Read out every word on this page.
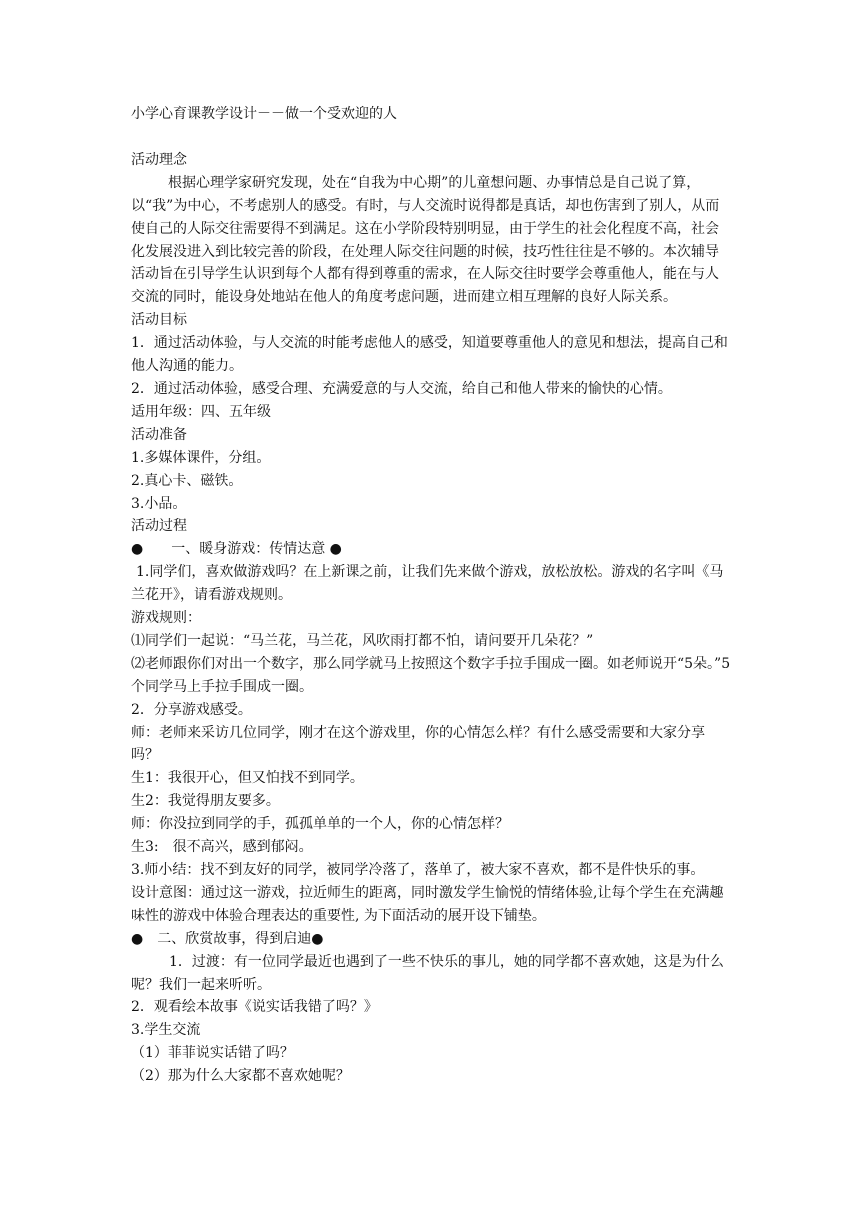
小学心育课教学设计－－做一个受欢迎的人

活动理念

根据心理学家研究发现，处在“自我为中心期”的儿童想问题、办事情总是自己说了算，以“我”为中心，不考虑别人的感受。有时，与人交流时说得都是真话，却也伤害到了别人，从而使自己的人际交往需要得不到满足。这在小学阶段特别明显，由于学生的社会化程度不高，社会化发展没进入到比较完善的阶段，在处理人际交往问题的时候，技巧性往往是不够的。本次辅导活动旨在引导学生认识到每个人都有得到尊重的需求，在人际交往时要学会尊重他人，能在与人交流的同时，能设身处地站在他人的角度考虑问题，进而建立相互理解的良好人际关系。

活动目标

1．通过活动体验，与人交流的时能考虑他人的感受，知道要尊重他人的意见和想法，提高自己和他人沟通的能力。

2．通过活动体验，感受合理、充满爱意的与人交流，给自己和他人带来的愉快的心情。

适用年级：四、五年级

活动准备

1.多媒体课件，分组。

2.真心卡、磁铁。

3.小品。

活动过程

●　　一、暖身游戏：传情达意 ●

1.同学们，喜欢做游戏吗？在上新课之前，让我们先来做个游戏，放松放松。游戏的名字叫《马兰花开》，请看游戏规则。

游戏规则：

⑴同学们一起说：“马兰花，马兰花，风吹雨打都不怕，请问要开几朵花？”

⑵老师跟你们对出一个数字，那么同学就马上按照这个数字手拉手围成一圈。如老师说开“5朵。”5个同学马上手拉手围成一圈。

2．分享游戏感受。

师：老师来采访几位同学，刚才在这个游戏里，你的心情怎么样？有什么感受需要和大家分享吗？

生1：我很开心，但又怕找不到同学。

生2：我觉得朋友要多。

师：你没拉到同学的手，孤孤单单的一个人，你的心情怎样？

生3:　很不高兴，感到郁闷。

3.师小结：找不到友好的同学，被同学冷落了，落单了，被大家不喜欢，都不是件快乐的事。

设计意图：通过这一游戏，拉近师生的距离，同时激发学生愉悦的情绪体验,让每个学生在充满趣味性的游戏中体验合理表达的重要性, 为下面活动的展开设下铺垫。

●　二、欣赏故事，得到启迪●

1．过渡：有一位同学最近也遇到了一些不快乐的事儿，她的同学都不喜欢她，这是为什么呢？我们一起来听听。

2．观看绘本故事《说实话我错了吗？》

3.学生交流

（1）菲菲说实话错了吗？

（2）那为什么大家都不喜欢她呢？
